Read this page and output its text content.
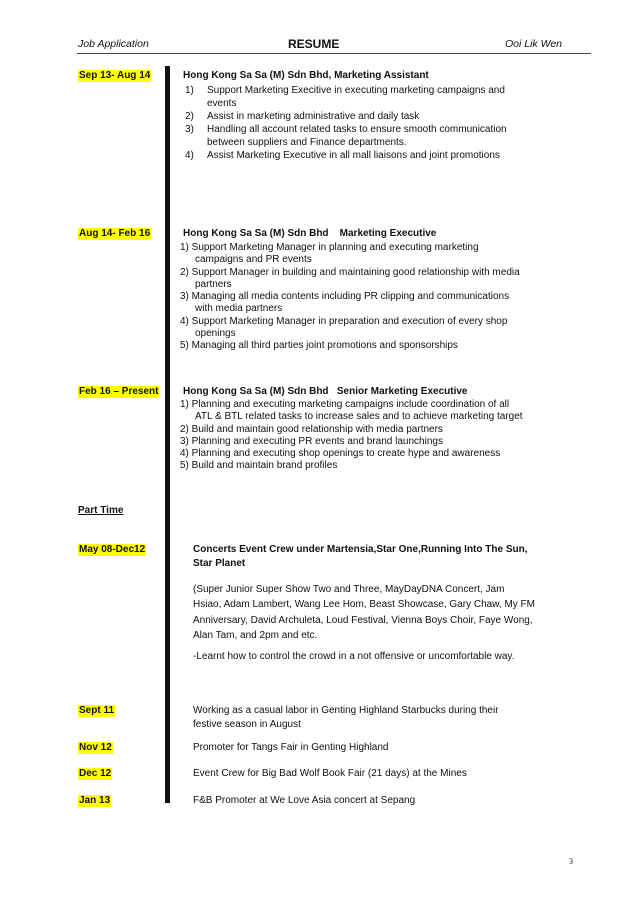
Job Application	RESUME	Ooi Lik Wen
Sep 13- Aug 14	Hong Kong Sa Sa (M) Sdn Bhd, Marketing Assistant
1) Support Marketing Execitive in executing marketing campaigns and
events
2) Assist in marketing administrative and daily task
3) Handling all account related tasks to ensure smooth communication
between suppliers and Finance departments.
4) Assist Marketing Executive in all mall liaisons and joint promotions
Aug 14- Feb 16	Hong Kong Sa Sa (M) Sdn Bhd    Marketing Executive
1) Support Marketing Manager in planning and executing marketing
campaigns and PR events
2) Support Manager in building and maintaining good relationship with media
partners
3) Managing all media contents including PR clipping and communications
with media partners
4) Support Marketing Manager in preparation and execution of every shop
openings
5) Managing all third parties joint promotions and sponsorships
Feb 16 – Present Hong Kong Sa Sa (M) Sdn Bhd   Senior Marketing Executive
1) Planning and executing marketing campaigns include coordination of all
ATL & BTL related tasks to increase sales and to achieve marketing target
2) Build and maintain good relationship with media partners
3) Planning and executing PR events and brand launchings
4) Planning and executing shop openings to create hype and awareness
5) Build and maintain brand profiles
Part Time
May 08-Dec12	Concerts Event Crew under Martensia,Star One,Running Into The Sun,
Star Planet
(Super Junior Super Show Two and Three, MayDayDNA Concert, Jam
Hsiao, Adam Lambert, Wang Lee Hom, Beast Showcase, Gary Chaw, My FM
Anniversary, David Archuleta, Loud Festival, Vienna Boys Choir, Faye Wong,
Alan Tam, and 2pm and etc.
-Learnt how to control the crowd in a not offensive or uncomfortable way.
Sept 11	Working as a casual labor in Genting Highland Starbucks during their
festive season in August
Nov 12	Promoter for Tangs Fair in Genting Highland
Dec 12	Event Crew for Big Bad Wolf Book Fair (21 days) at the Mines
Jan 13	F&B Promoter at We Love Asia concert at Sepang
3
